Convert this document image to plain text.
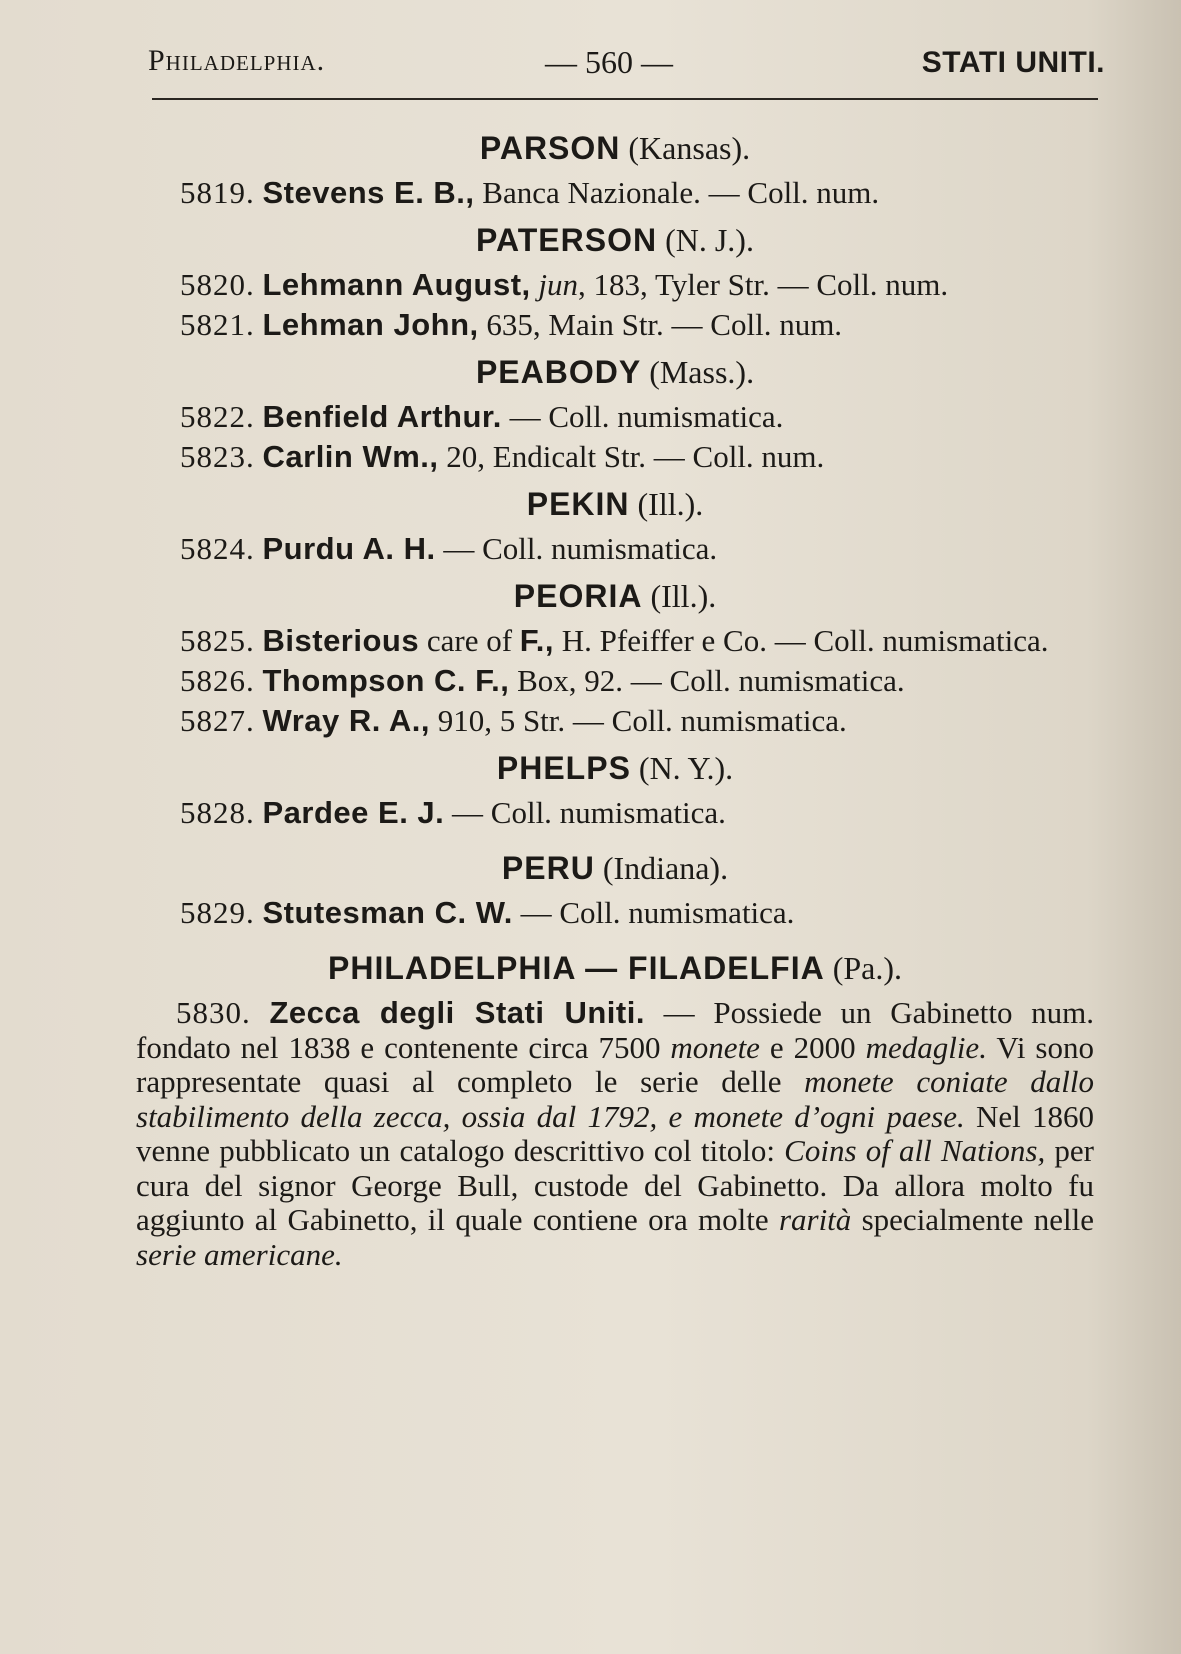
Philadelphia.	— 560 —	STATI UNITI.
PARSON (Kansas).
5819. Stevens E. B., Banca Nazionale. — Coll. num.
PATERSON (N. J.).
5820. Lehmann August, jun, 183, Tyler Str. — Coll. num.
5821. Lehman John, 635, Main Str. — Coll. num.
PEABODY (Mass.).
5822. Benfield Arthur. — Coll. numismatica.
5823. Carlin Wm., 20, Endicalt Str. — Coll. num.
PEKIN (Ill.).
5824. Purdu A. H. — Coll. numismatica.
PEORIA (Ill.).
5825. Bisterious care of F., H. Pfeiffer e Co. — Coll. numismatica.
5826. Thompson C. F., Box, 92. — Coll. numismatica.
5827. Wray R. A., 910, 5 Str. — Coll. numismatica.
PHELPS (N. Y.).
5828. Pardee E. J. — Coll. numismatica.
PERU (Indiana).
5829. Stutesman C. W. — Coll. numismatica.
PHILADELPHIA — FILADELFIA (Pa.).
5830. Zecca degli Stati Uniti. — Possiede un Gabinetto num. fondato nel 1838 e contenente circa 7500 monete e 2000 medaglie. Vi sono rappresentate quasi al completo le serie delle monete coniate dallo stabilimento della zecca, ossia dal 1792, e monete d’ogni paese. Nel 1860 venne pubblicato un catalogo descrittivo col titolo: Coins of all Nations, per cura del signor George Bull, custode del Gabinetto. Da allora molto fu aggiunto al Gabinetto, il quale contiene ora molte rarità specialmente nelle serie americane.
